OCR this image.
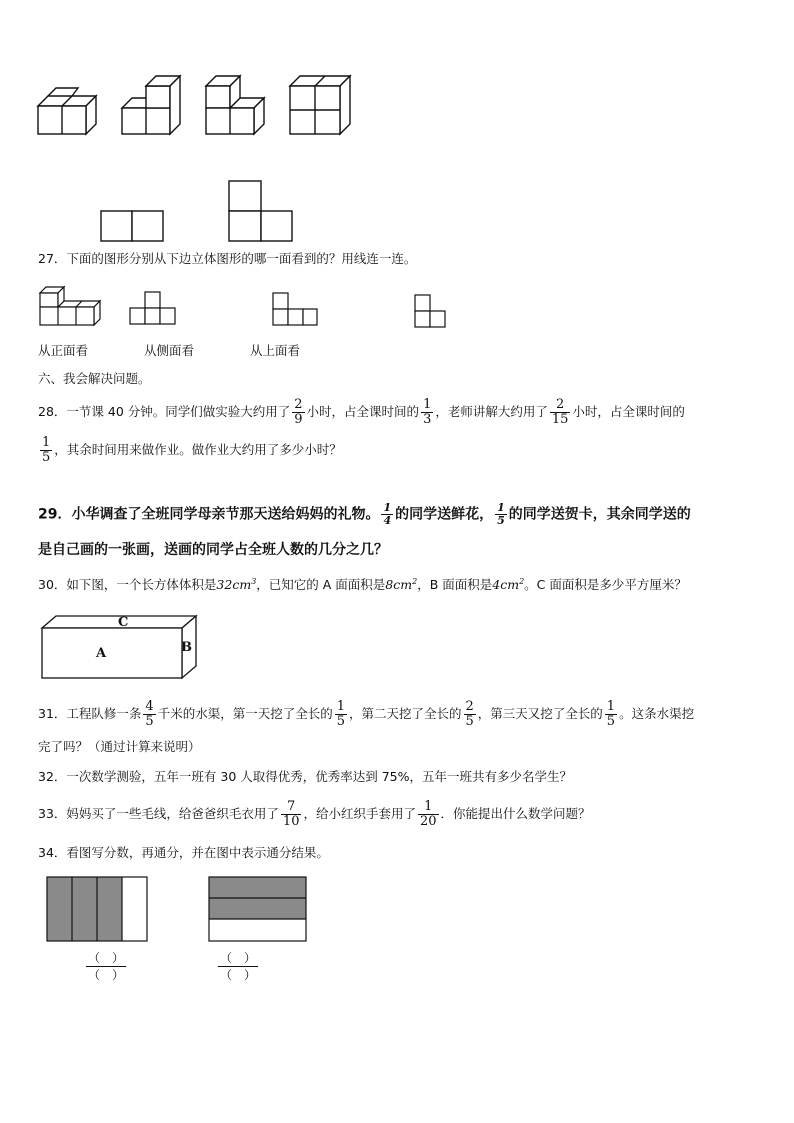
27．下面的图形分别从下边立体图形的哪一面看到的？用线连一连。
从正面看	从侧面看	从上面看
六、我会解决问题。
28．一节课 40 分钟。同学们做实验大约用了 $\frac{2}{9}$ 小时，占全课时间的 $\frac{1}{3}$ ，老师讲解大约用了 $\frac{2}{15}$ 小时，占全课时间的
$\frac{1}{5}$ ，其余时间用来做作业。做作业大约用了多少小时？
29．小华调查了全班同学母亲节那天送给妈妈的礼物。 $\frac{1}{4}$ 的同学送鲜花， $\frac{1}{5}$ 的同学送贺卡，其余同学送的
是自己画的一张画，送画的同学占全班人数的几分之几？
30．如下图，一个长方体体积是$32cm^3$，已知它的 A 面面积是$8cm^2$，B 面面积是$4cm^2$。C 面面积是多少平方厘米？
C
A	B
31．工程队修一条 $\frac{4}{5}$ 千米的水渠，第一天挖了全长的 $\frac{1}{5}$ ，第二天挖了全长的 $\frac{2}{5}$ ，第三天又挖了全长的 $\frac{1}{5}$ 。这条水渠挖
完了吗？（通过计算来说明）
32．一次数学测验，五年一班有 30 人取得优秀，优秀率达到 75%，五年一班共有多少名学生？
33．妈妈买了一些毛线，给爸爸织毛衣用了 $\frac{7}{10}$ ，给小红织手套用了 $\frac{1}{20}$ ．你能提出什么数学问题？
34．看图写分数，再通分，并在图中表示通分结果。
$\frac{( )}{( )}$	$\frac{( )}{( )}$
